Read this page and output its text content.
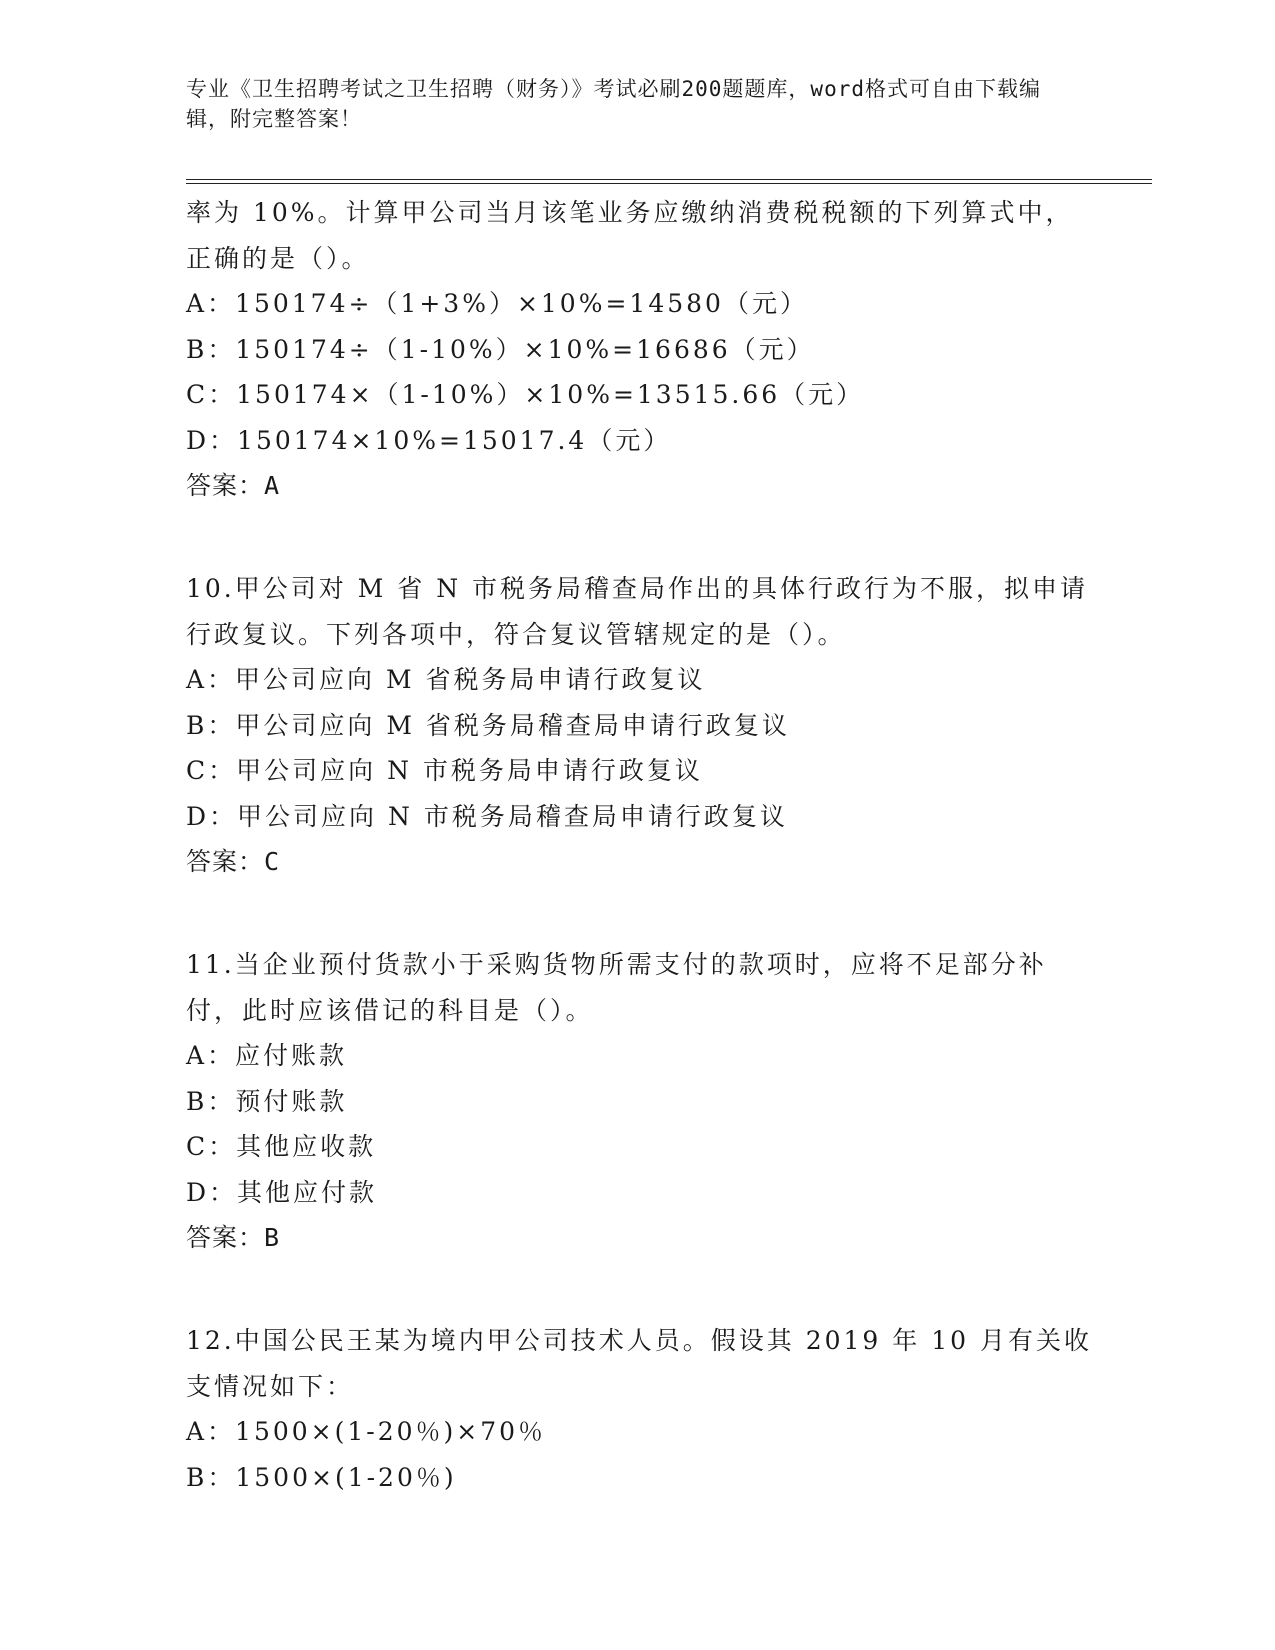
专业《卫生招聘考试之卫生招聘（财务）》考试必刷200题题库，word格式可自由下载编辑，附完整答案！
率为 10%。计算甲公司当月该笔业务应缴纳消费税税额的下列算式中，
正确的是（）。
A：150174÷（1+3%）×10%=14580（元）
B：150174÷（1-10%）×10%=16686（元）
C：150174×（1-10%）×10%=13515.66（元）
D：150174×10%=15017.4（元）
答案：A
10.甲公司对 M 省 N 市税务局稽查局作出的具体行政行为不服，拟申请
行政复议。下列各项中，符合复议管辖规定的是（）。
A：甲公司应向 M 省税务局申请行政复议
B：甲公司应向 M 省税务局稽查局申请行政复议
C：甲公司应向 N 市税务局申请行政复议
D：甲公司应向 N 市税务局稽查局申请行政复议
答案：C
11.当企业预付货款小于采购货物所需支付的款项时，应将不足部分补
付，此时应该借记的科目是（）。
A：应付账款
B：预付账款
C：其他应收款
D：其他应付款
答案：B
12.中国公民王某为境内甲公司技术人员。假设其 2019 年 10 月有关收
支情况如下：
A：1500×(1-20％)×70％
B：1500×(1-20％)
